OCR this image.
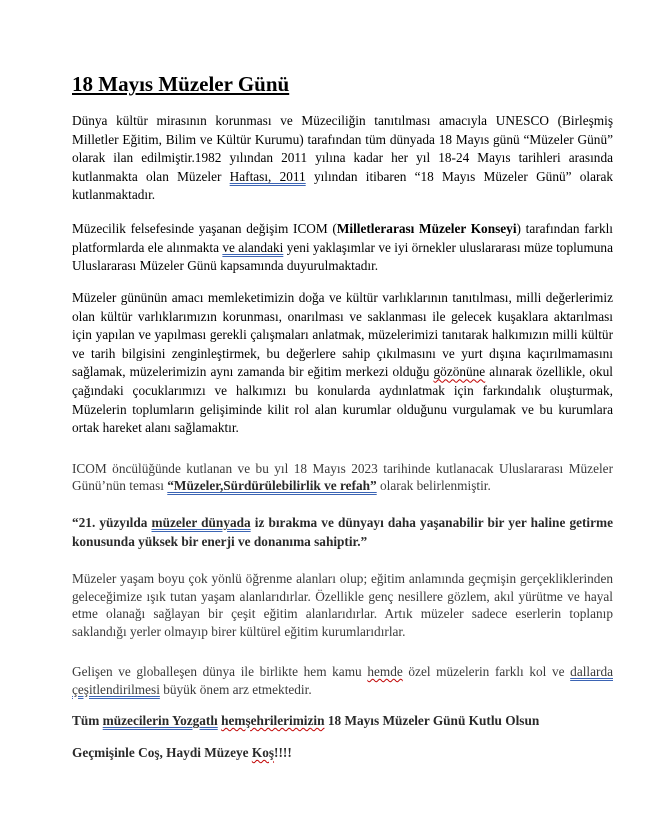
18 Mayıs Müzeler Günü

Dünya kültür mirasının korunması ve Müzeciliğin tanıtılması amacıyla UNESCO (Birleşmiş Milletler Eğitim, Bilim ve Kültür Kurumu) tarafından tüm dünyada 18 Mayıs günü “Müzeler Günü” olarak ilan edilmiştir.1982 yılından 2011 yılına kadar her yıl 18-24 Mayıs tarihleri arasında kutlanmakta olan Müzeler Haftası, 2011 yılından itibaren “18 Mayıs Müzeler Günü” olarak kutlanmaktadır.

Müzecilik felsefesinde yaşanan değişim ICOM (Milletlerarası Müzeler Konseyi) tarafından farklı platformlarda ele alınmakta ve alandaki yeni yaklaşımlar ve iyi örnekler uluslararası müze toplumuna Uluslararası Müzeler Günü kapsamında duyurulmaktadır.

Müzeler gününün amacı memleketimizin doğa ve kültür varlıklarının tanıtılması, milli değerlerimiz olan kültür varlıklarımızın korunması, onarılması ve saklanması ile gelecek kuşaklara aktarılması için yapılan ve yapılması gerekli çalışmaları anlatmak, müzelerimizi tanıtarak halkımızın milli kültür ve tarih bilgisini zenginleştirmek, bu değerlere sahip çıkılmasını ve yurt dışına kaçırılmamasını sağlamak, müzelerimizin aynı zamanda bir eğitim merkezi olduğu gözönüne alınarak özellikle, okul çağındaki çocuklarımızı ve halkımızı bu konularda aydınlatmak için farkındalık oluşturmak, Müzelerin toplumların gelişiminde kilit rol alan kurumlar olduğunu vurgulamak ve bu kurumlara ortak hareket alanı sağlamaktır.

ICOM öncülüğünde kutlanan ve bu yıl 18 Mayıs 2023 tarihinde kutlanacak Uluslararası Müzeler Günü’nün teması “Müzeler,Sürdürülebilirlik ve refah” olarak belirlenmiştir.

“21. yüzyılda müzeler dünyada iz bırakma ve dünyayı daha yaşanabilir bir yer haline getirme konusunda yüksek bir enerji ve donanıma sahiptir.”

Müzeler yaşam boyu çok yönlü öğrenme alanları olup; eğitim anlamında geçmişin gerçekliklerinden geleceğimize ışık tutan yaşam alanlarıdırlar. Özellikle genç nesillere gözlem, akıl yürütme ve hayal etme olanağı sağlayan bir çeşit eğitim alanlarıdırlar. Artık müzeler sadece eserlerin toplanıp saklandığı yerler olmayıp birer kültürel eğitim kurumlarıdırlar.

Gelişen ve globalleşen dünya ile birlikte hem kamu hemde özel müzelerin farklı kol ve dallarda çeşitlendirilmesi büyük önem arz etmektedir.

Tüm müzecilerin Yozgatlı hemşehrilerimizin 18 Mayıs Müzeler Günü Kutlu Olsun

Geçmişinle Coş, Haydi Müzeye Koş!!!!
